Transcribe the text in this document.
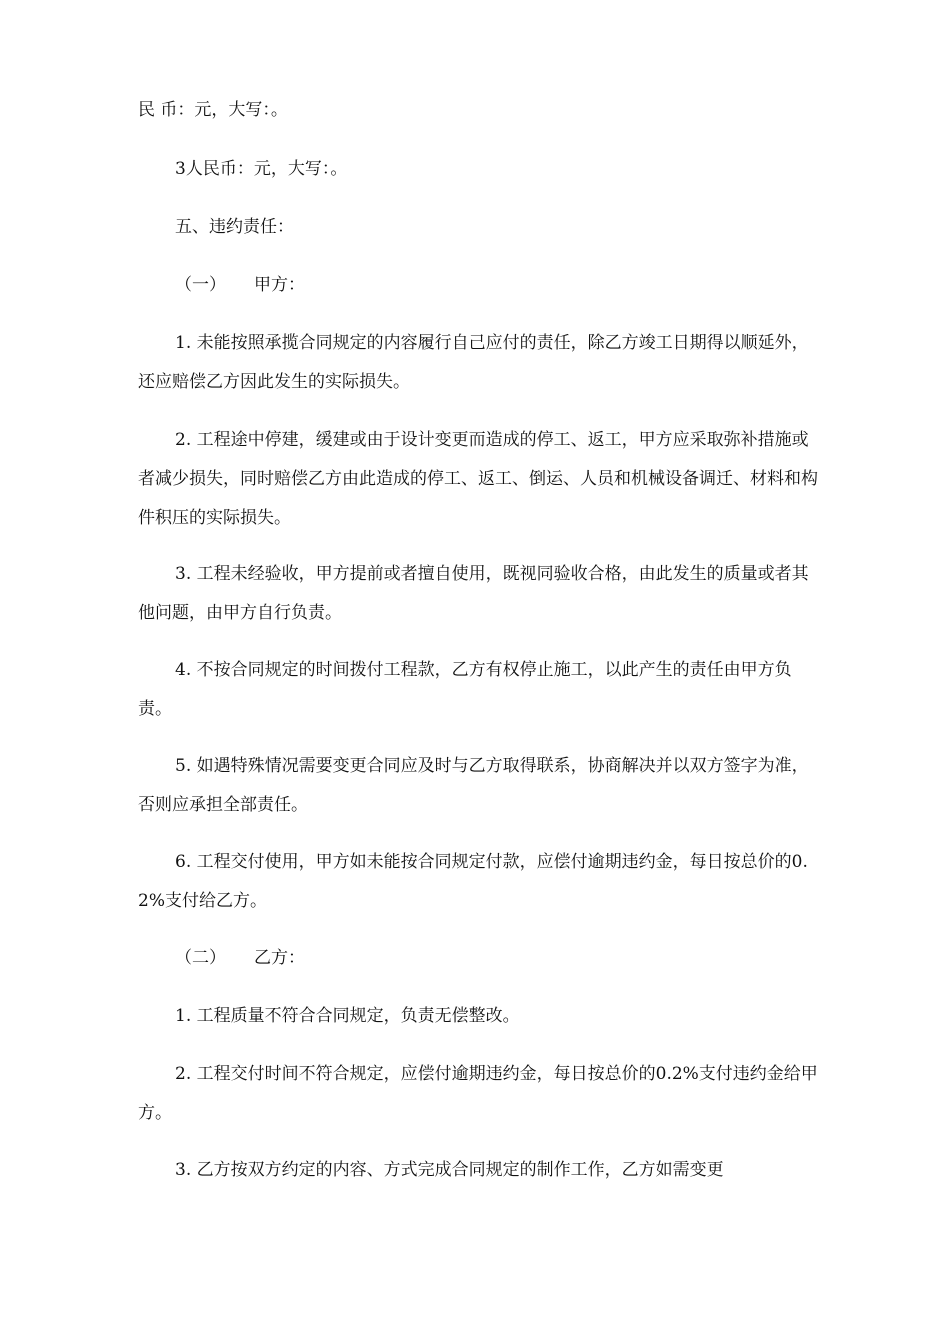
民 币：元，大写：。

3人民币：元，大写：。

五、违约责任：

（一） 甲方：

1. 未能按照承揽合同规定的内容履行自己应付的责任，除乙方竣工日期得以顺延外，还应赔偿乙方因此发生的实际损失。

2. 工程途中停建，缓建或由于设计变更而造成的停工、返工，甲方应采取弥补措施或者减少损失，同时赔偿乙方由此造成的停工、返工、倒运、人员和机械设备调迁、材料和构件积压的实际损失。

3. 工程未经验收，甲方提前或者擅自使用，既视同验收合格，由此发生的质量或者其他问题，由甲方自行负责。

4. 不按合同规定的时间拨付工程款，乙方有权停止施工，以此产生的责任由甲方负责。

5. 如遇特殊情况需要变更合同应及时与乙方取得联系，协商解决并以双方签字为准，否则应承担全部责任。

6. 工程交付使用，甲方如未能按合同规定付款，应偿付逾期违约金，每日按总价的0.2%支付给乙方。

（二） 乙方：

1. 工程质量不符合合同规定，负责无偿整改。

2. 工程交付时间不符合规定，应偿付逾期违约金，每日按总价的0.2%支付违约金给甲方。

3. 乙方按双方约定的内容、方式完成合同规定的制作工作，乙方如需变更
